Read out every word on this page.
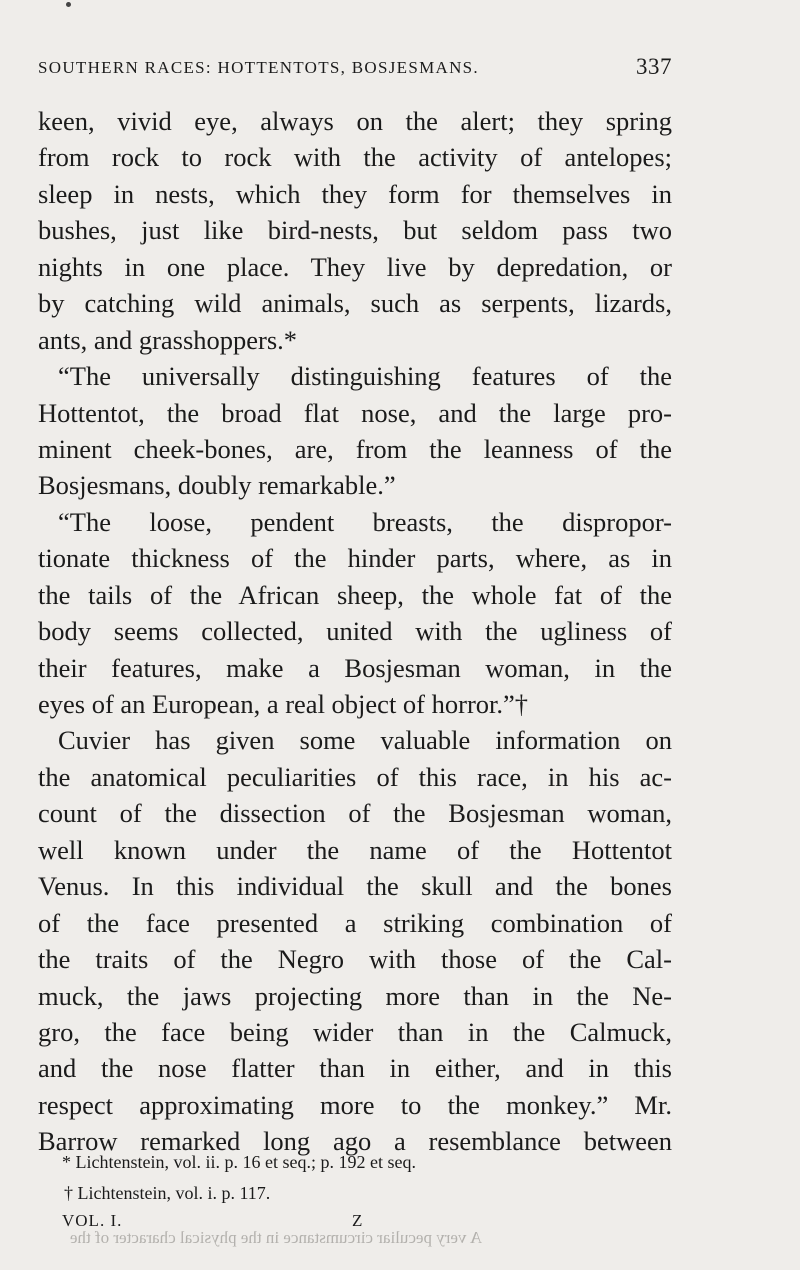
SOUTHERN RACES: HOTTENTOTS, BOSJESMANS.	337
keen, vivid eye, always on the alert; they spring
from rock to rock with the activity of antelopes;
sleep in nests, which they form for themselves in
bushes, just like bird-nests, but seldom pass two
nights in one place. They live by depredation, or
by catching wild animals, such as serpents, lizards,
ants, and grasshoppers.*
“The universally distinguishing features of the
Hottentot, the broad flat nose, and the large pro-
minent cheek-bones, are, from the leanness of the
Bosjesmans, doubly remarkable.”
“The loose, pendent breasts, the dispropor-
tionate thickness of the hinder parts, where, as in
the tails of the African sheep, the whole fat of the
body seems collected, united with the ugliness of
their features, make a Bosjesman woman, in the
eyes of an European, a real object of horror.”†
Cuvier has given some valuable information on
the anatomical peculiarities of this race, in his ac-
count of the dissection of the Bosjesman woman,
well known under the name of the Hottentot
Venus. In this individual the skull and the bones
of the face presented a striking combination of
the traits of the Negro with those of the Cal-
muck, the jaws projecting more than in the Ne-
gro, the face being wider than in the Calmuck,
and the nose flatter than in either, and in this
respect approximating more to the monkey.” Mr.
Barrow remarked long ago a resemblance between
* Lichtenstein, vol. ii. p. 16 et seq.; p. 192 et seq.
† Lichtenstein, vol. i. p. 117.
A very peculiar circumstance in the physical character of the
VOL. I.	Z
